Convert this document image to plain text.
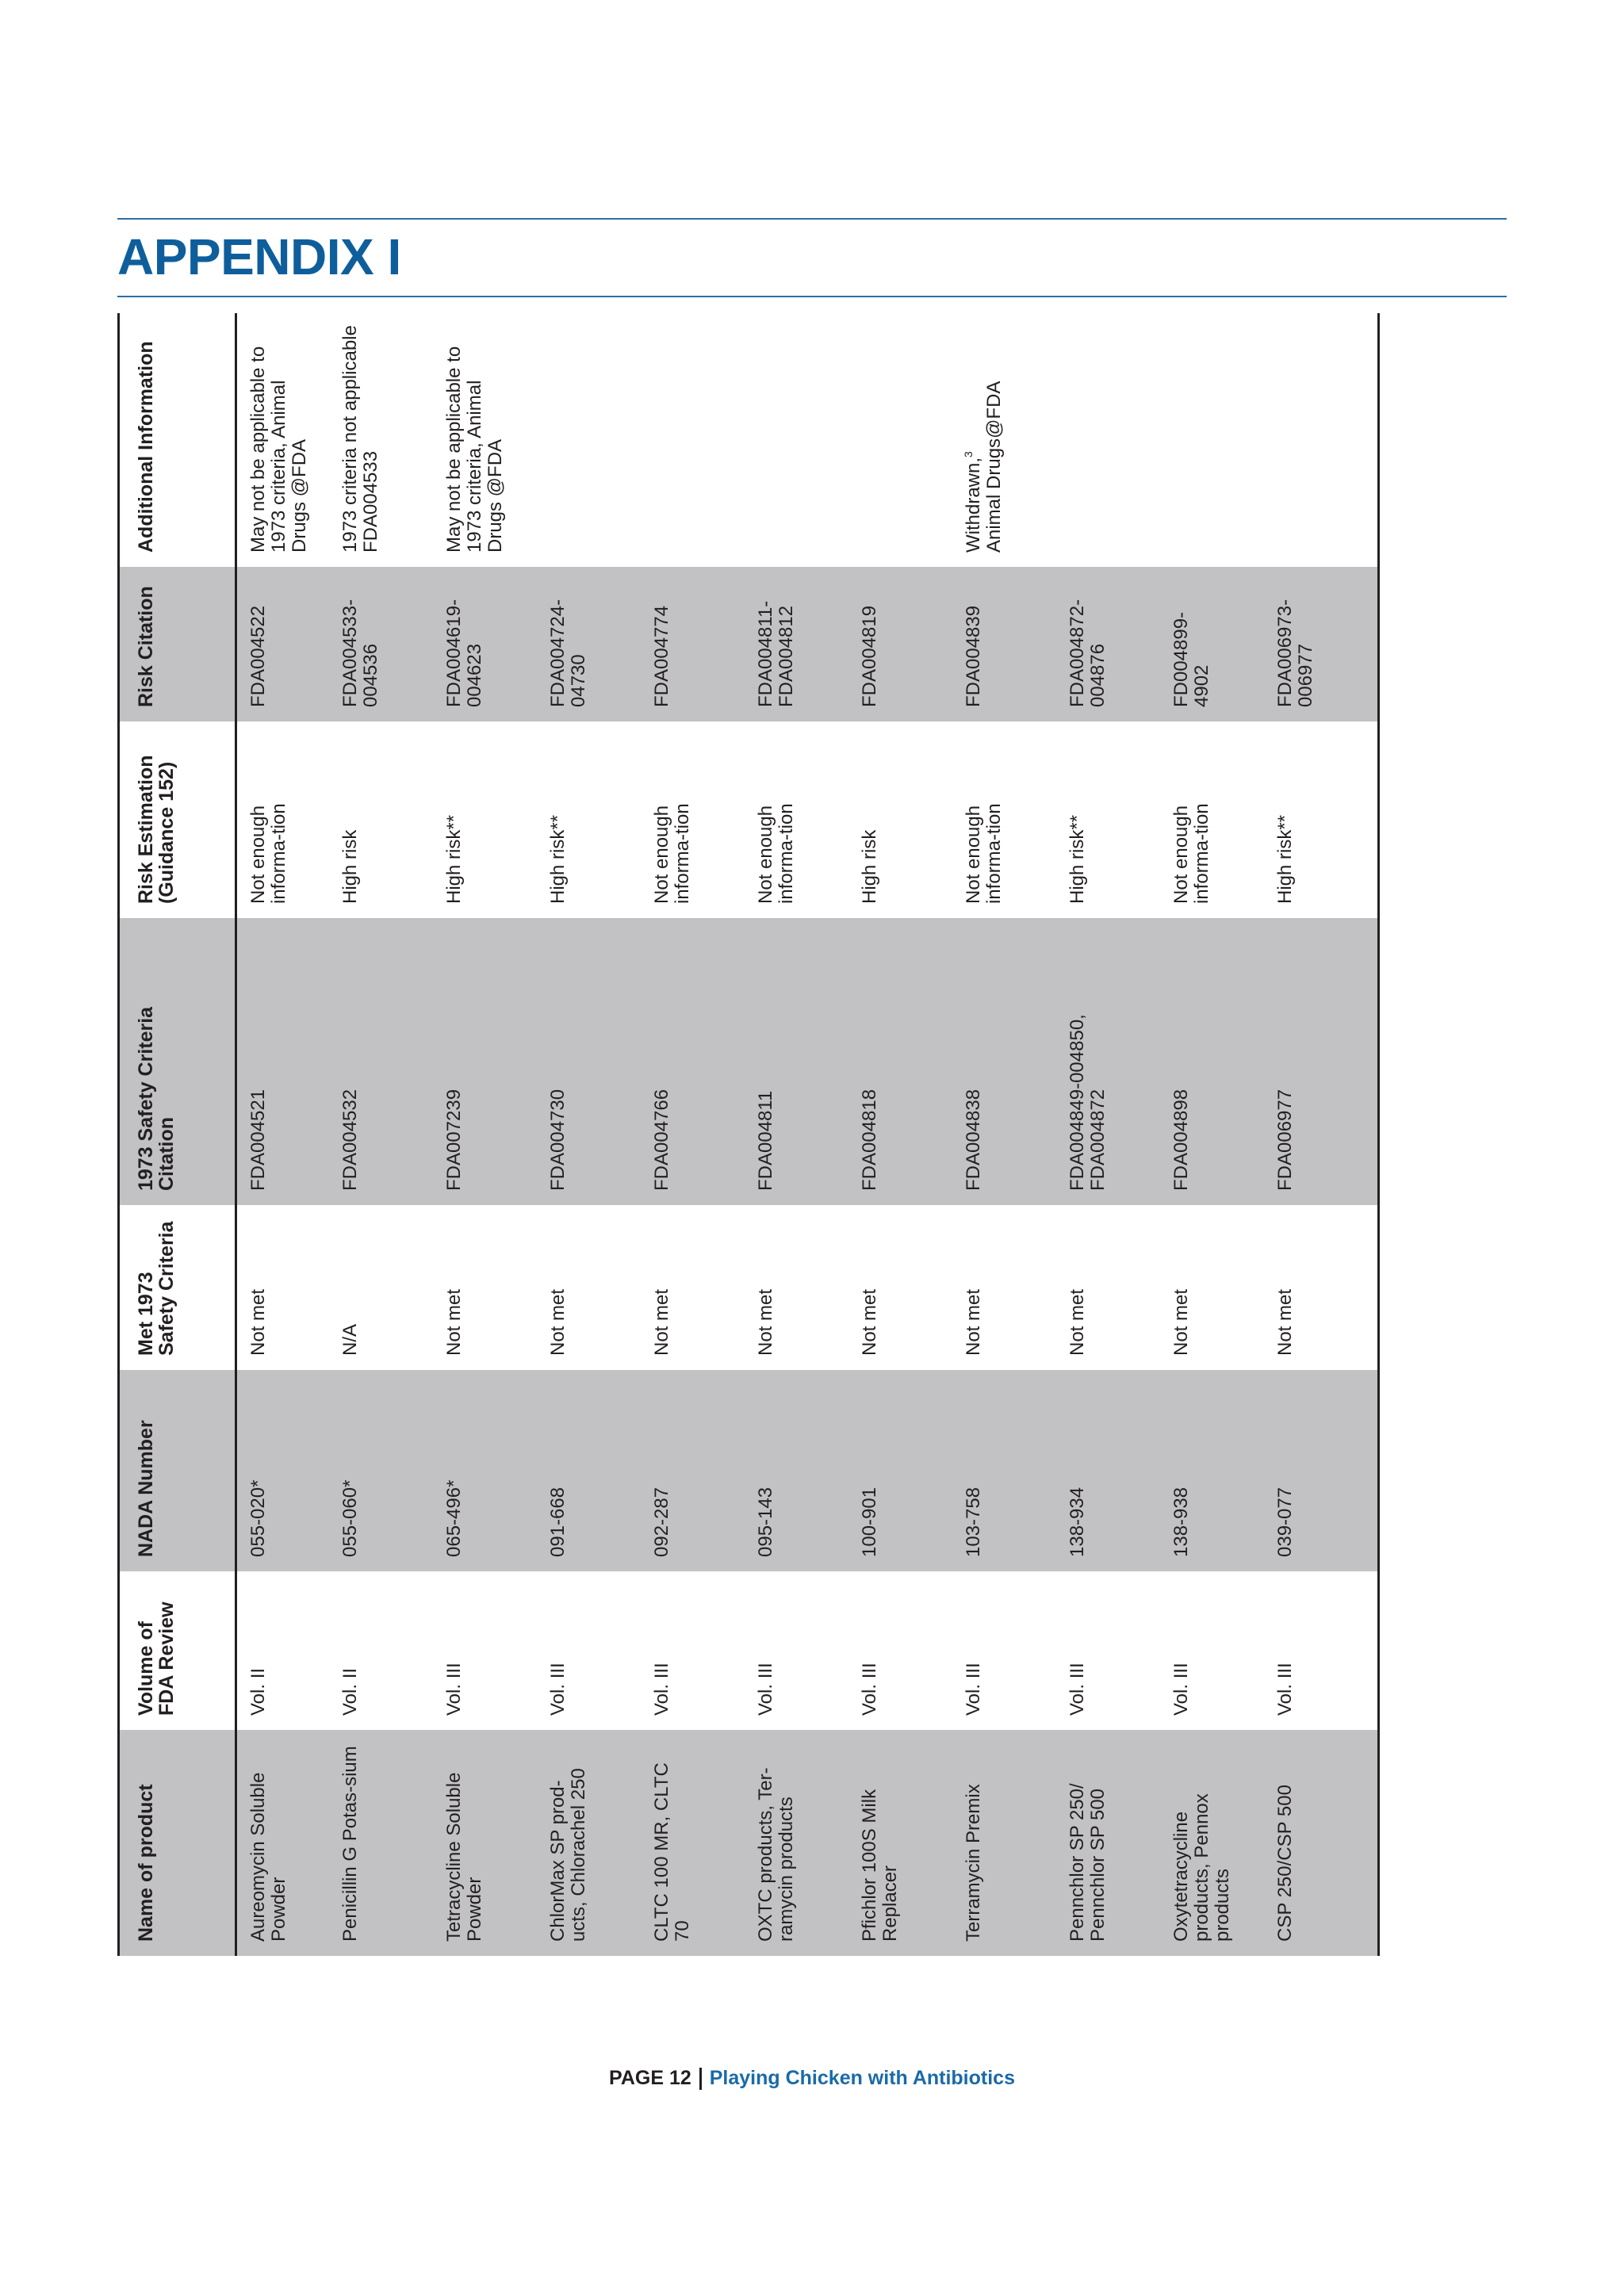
APPENDIX I
Name of product	Volume of FDA Review	NADA Number	Met 1973 Safety Criteria	1973 Safety Criteria Citation	Risk Estimation (Guidance 152)	Risk Citation	Additional Information
Aureomycin Soluble Powder	Vol. II	055-020*	Not met	FDA004521	Not enough informa-tion	FDA004522	May not be applicable to 1973 criteria, Animal Drugs @FDA
Penicillin G Potas-sium	Vol. II	055-060*	N/A	FDA004532	High risk	FDA004533-004536	1973 criteria not applicable FDA004533
Tetracycline Soluble Powder	Vol. III	065-496*	Not met	FDA007239	High risk**	FDA004619-004623	May not be applicable to 1973 criteria, Animal Drugs @FDA
ChlorMax SP prod-ucts, Chlorachel 250	Vol. III	091-668	Not met	FDA004730	High risk**	FDA004724-04730	
CLTC 100 MR, CLTC 70	Vol. III	092-287	Not met	FDA004766	Not enough informa-tion	FDA004774	
OXTC products, Ter-ramycin products	Vol. III	095-143	Not met	FDA004811	Not enough informa-tion	FDA004811-FDA004812	
Pfichlor 100S Milk Replacer	Vol. III	100-901	Not met	FDA004818	High risk	FDA004819	
Terramycin Premix	Vol. III	103-758	Not met	FDA004838	Not enough informa-tion	FDA004839	Withdrawn,$^3$ Animal Drugs@FDA
Pennchlor SP 250/ Pennchlor SP 500	Vol. III	138-934	Not met	FDA004849-004850, FDA004872	High risk**	FDA004872-004876	
Oxytetracycline products, Pennox products	Vol. III	138-938	Not met	FDA004898	Not enough informa-tion	FD004899-4902	
CSP 250/CSP 500	Vol. III	039-077	Not met	FDA006977	High risk**	FDA006973-006977	
PAGE 12 Playing Chicken with Antibiotics
